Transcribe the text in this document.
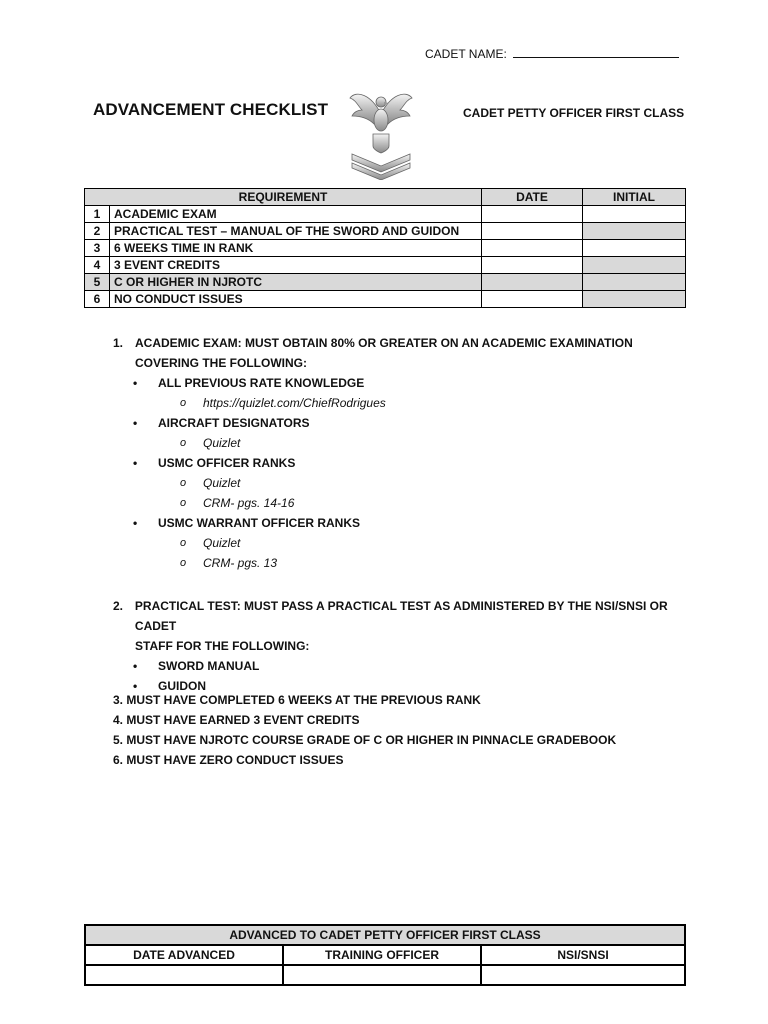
CADET NAME:
ADVANCEMENT CHECKLIST	CADET PETTY OFFICER FIRST CLASS
REQUIREMENT		DATE	INITIAL
1	ACADEMIC EXAM		
2	PRACTICAL TEST – MANUAL OF THE SWORD AND GUIDON		
3	6 WEEKS TIME IN RANK		
4	3 EVENT CREDITS		
5	C OR HIGHER IN NJROTC		
6	NO CONDUCT ISSUES		
1. ACADEMIC EXAM: MUST OBTAIN 80% OR GREATER ON AN ACADEMIC EXAMINATION
COVERING THE FOLLOWING:
• ALL PREVIOUS RATE KNOWLEDGE
o https://quizlet.com/ChiefRodrigues
• AIRCRAFT DESIGNATORS
o Quizlet
• USMC OFFICER RANKS
o Quizlet
o CRM- pgs. 14-16
• USMC WARRANT OFFICER RANKS
o Quizlet
o CRM- pgs. 13
2. PRACTICAL TEST: MUST PASS A PRACTICAL TEST AS ADMINISTERED BY THE NSI/SNSI OR CADET
STAFF FOR THE FOLLOWING:
• SWORD MANUAL
• GUIDON
3. MUST HAVE COMPLETED 6 WEEKS AT THE PREVIOUS RANK
4. MUST HAVE EARNED 3 EVENT CREDITS
5. MUST HAVE NJROTC COURSE GRADE OF C OR HIGHER IN PINNACLE GRADEBOOK
6. MUST HAVE ZERO CONDUCT ISSUES
ADVANCED TO CADET PETTY OFFICER FIRST CLASS		
DATE ADVANCED	TRAINING OFFICER	NSI/SNSI
